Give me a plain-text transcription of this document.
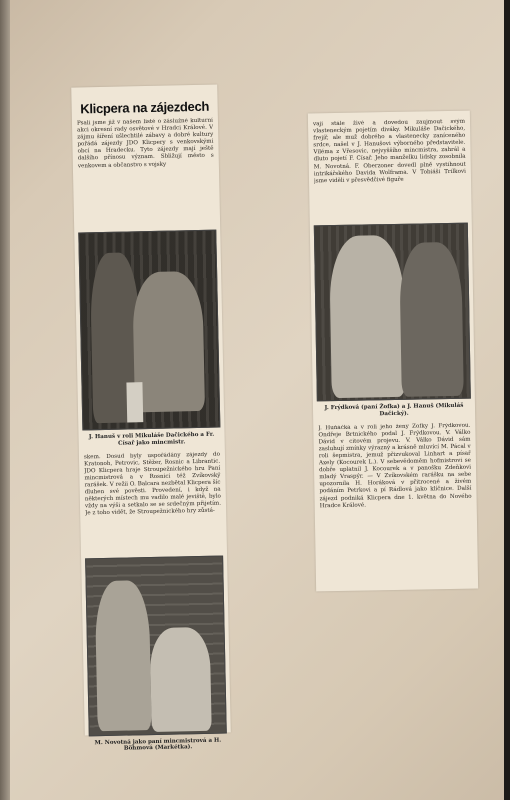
Klicpera na zájezdech
Psali jsme již v našem listě o záslužné kulturní akci okresní rady osvětové v Hradci Králové. V zájmu šíření ušlechtilé zábavy a dobré kultury pořádá zájezdy JDO Klicpery s venkovskými obcí na Hradecku. Tyto zájezdy mají ještě dalšího přínosu význam. Sbližují město s venkovem a občanstvo s vojsky
J. Hanuš v roli Mikuláše Dačického a Fr. Císař jako mincmistr.
skem. Dosud byly uspořádány zájezdy do Kratonoh, Petrovic, Stěžer, Rosnic a Librantic. JDO Klicpera hraje Stroupežnického hru Paní mincmistrová a v Rosnici též Zvíkovský rarášek. V režii O. Balcara nezbětal Klicpera šíc dluhen své pověsti. Provedení, i když na některých místech mu vadilo malé jeviště, bylo vždy na výši a setkalo se se srdečným přijetím. Je z toho vidět, že Stroupežnického hry zůstá-
M. Novotná jako paní mincmistrová a H. Böhmová (Markétka).
vají stále živé a dovedou zaujmout svým vlasteneckým pojetím diváky. Mikuláše Dačického, frejíř, ale muž dobrého a vlastenecky zaníceného srdce, našel v J. Hanušovi výborného představitele. Viléma z Vřesovic, nejvyššího mincmistra, zahrál a dluto pojetí F. Císař. Jeho manželku lidsky zosobnila M. Novotná. F. Oberzoner dovedl plně vystihnout intrikářského Davida Wolframa. V Tobiáši Trilkovi jsme viděli v přesvědčivé figuře
J. Frýdková (paní Žofka) a J. Hanuš (Mikuláš Dačický).
J. Huňáčka a v roli jeho ženy Žofky J. Frýdkovou. Ondřeje Brtnického podal J. Frýdkovou. V. Válko Dávid v citovém projevu. V. Válko Dávid sám zasluhují zmínky výrazný a krásně mluvící M. Pácal v roli šepmistra, jemuž přizvukoval Linhart a písař Axely (Kocourek L.). V sebevědoměm hofmistrovi se dobře uplatnil J. Kocourek a v panošku Zdeňkovi mladý Vraspýr. — V Zvíkovském rarášku na sebe upozornila H. Horáková v přitrocené a živém podáním Petrkovi a pí Rádlová jako klíčnice. Další zájezd podniká Klicpera dne 1. května do Nového Hradce Králové.
